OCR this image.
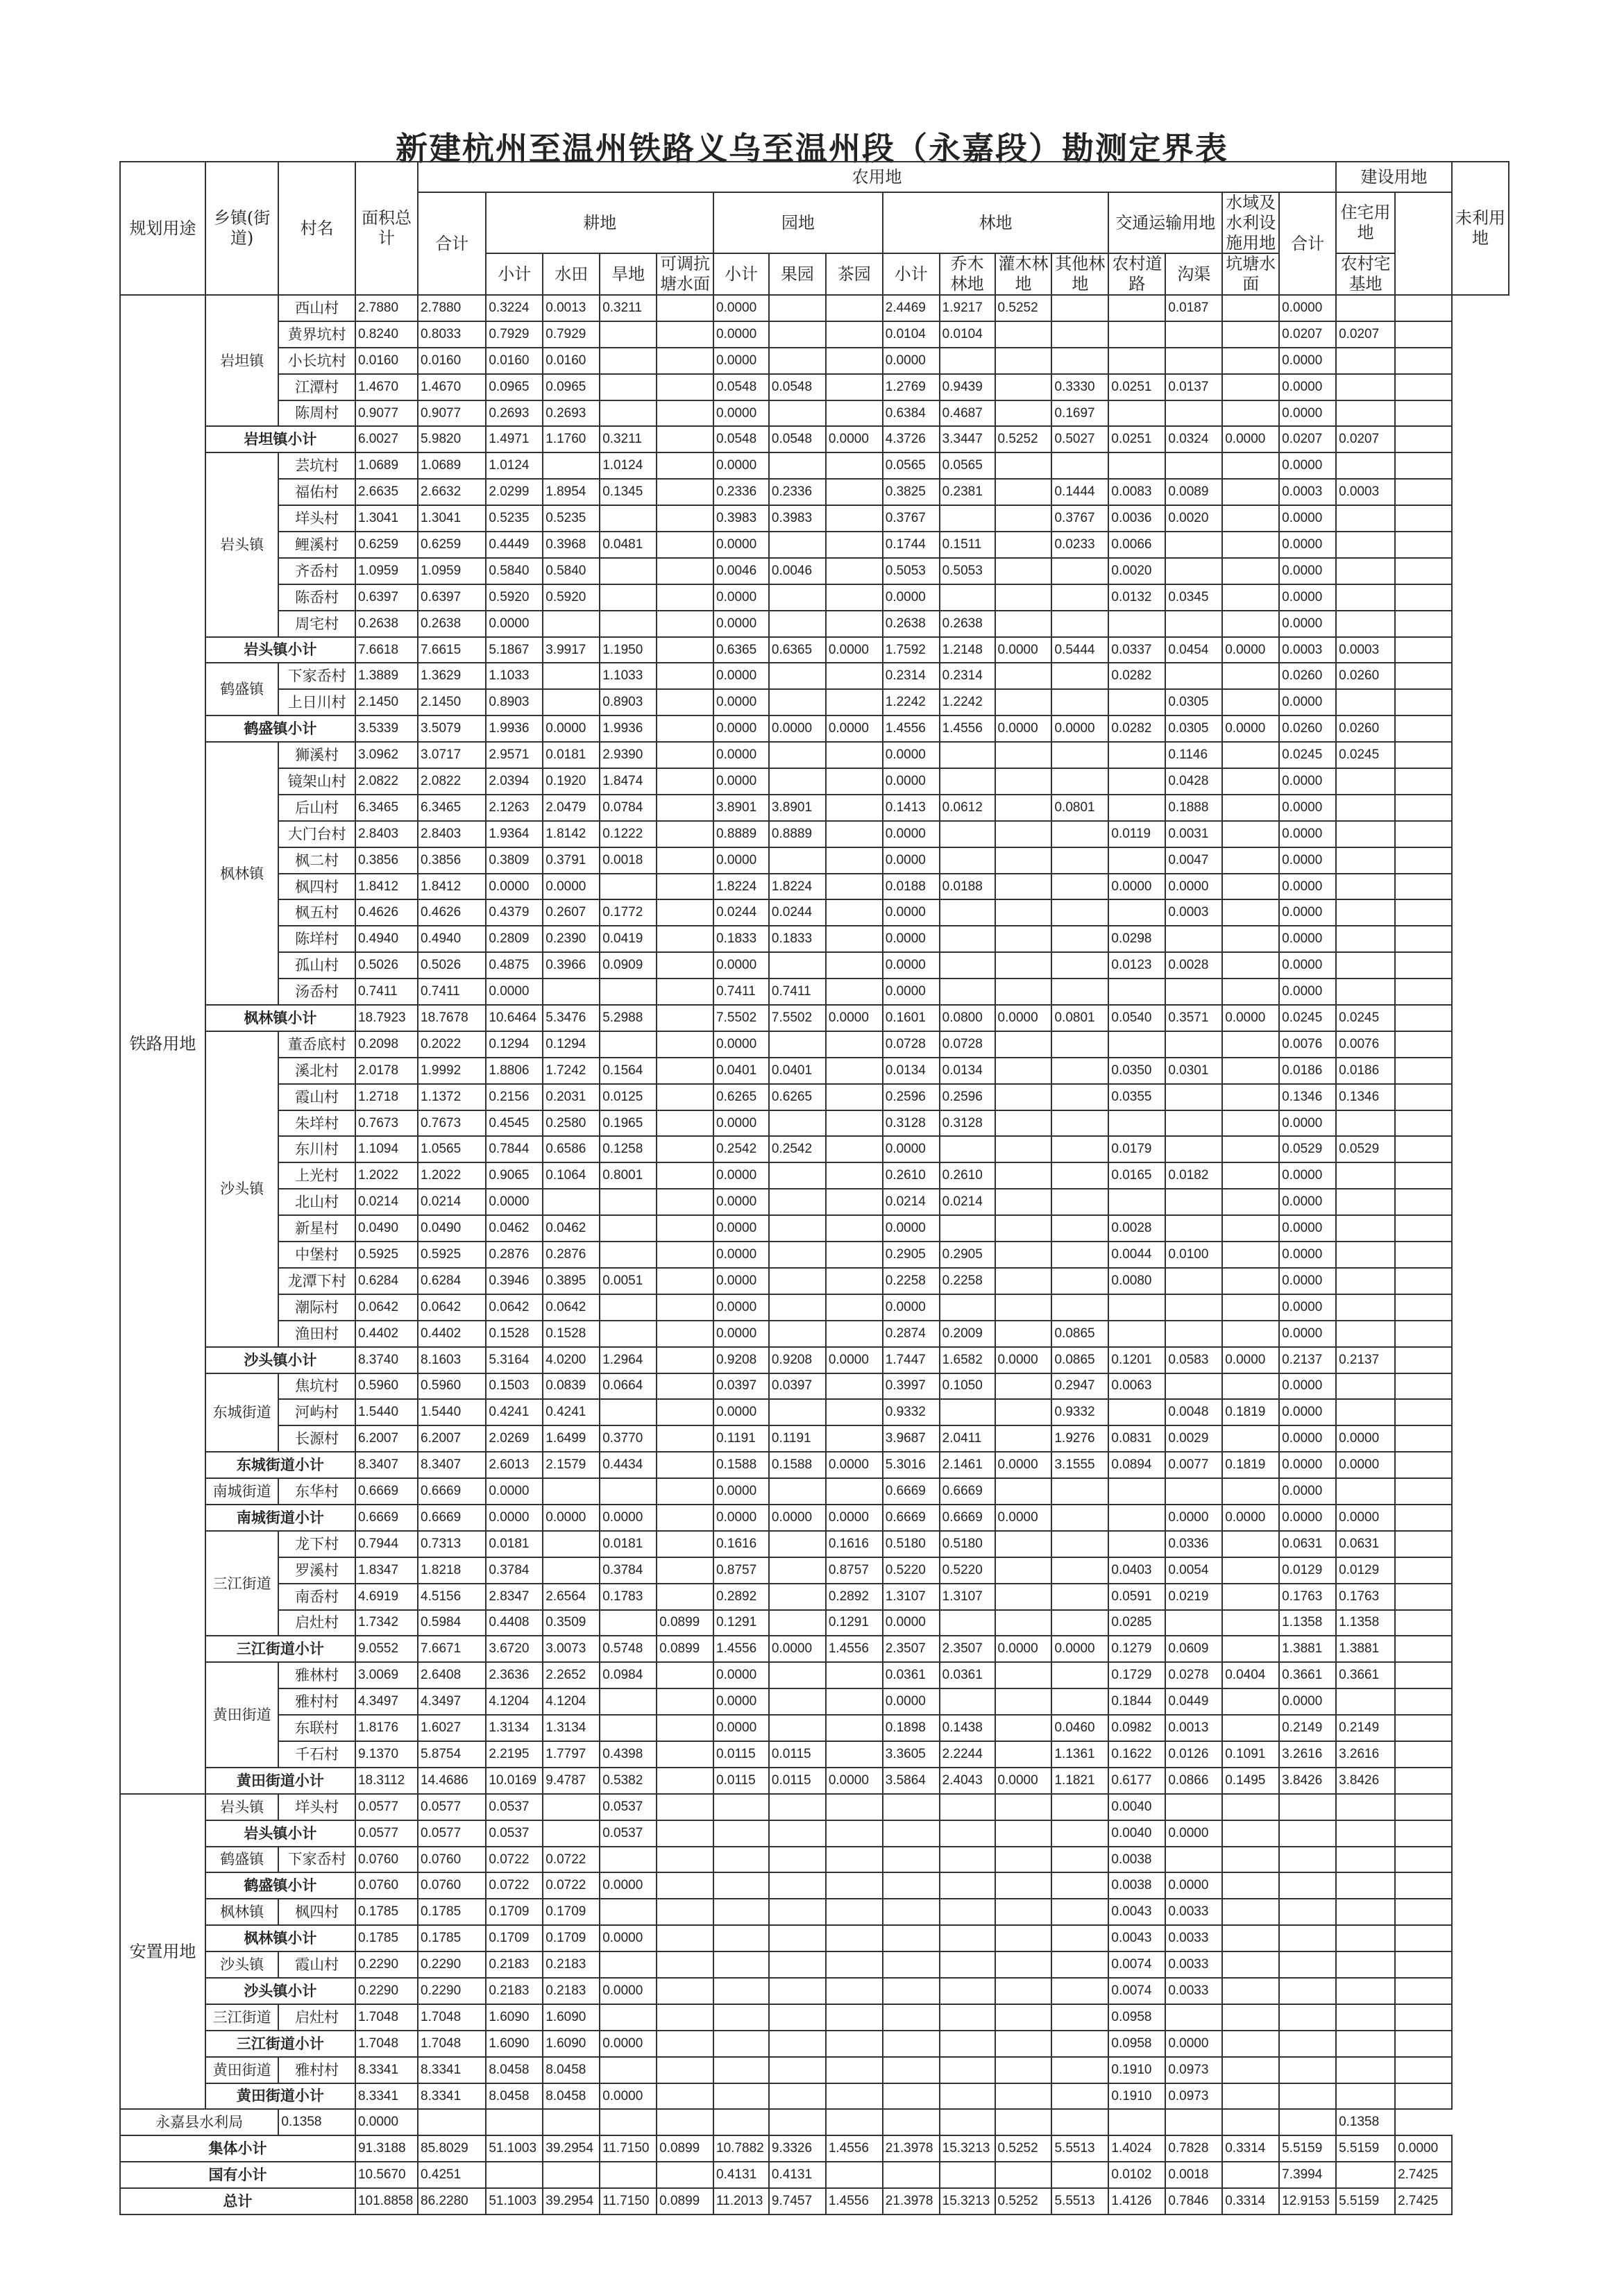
新建杭州至温州铁路义乌至温州段（永嘉段）勘测定界表
规划用途	乡镇(街道)	村名	面积总计	农用地																建设用地		未利用地
				合计	耕地				园地			林地				交通运输用地		水域及水利设施用地	合计	住宅用地		

					小计	水田	旱地	可调抗塘水面	小计	果园	茶园	小计	乔木林地	灌木林地	其他林地	农村道路	沟渠	坑塘水面		农村宅基地		
铁路用地	岩坦镇	西山村	2.7880	2.7880	0.3224	0.0013	0.3211		0.0000			2.4469	1.9217	0.5252			0.0187		0.0000			
		黄界坑村	0.8240	0.8033	0.7929	0.7929			0.0000			0.0104	0.0104						0.0207	0.0207		
		小长坑村	0.0160	0.0160	0.0160	0.0160			0.0000			0.0000							0.0000			
		江潭村	1.4670	1.4670	0.0965	0.0965			0.0548	0.0548		1.2769	0.9439		0.3330	0.0251	0.0137		0.0000			
		陈周村	0.9077	0.9077	0.2693	0.2693			0.0000			0.6384	0.4687		0.1697				0.0000			
	岩坦镇小计		6.0027	5.9820	1.4971	1.1760	0.3211		0.0548	0.0548	0.0000	4.3726	3.3447	0.5252	0.5027	0.0251	0.0324	0.0000	0.0207	0.0207		
	岩头镇	芸坑村	1.0689	1.0689	1.0124		1.0124		0.0000			0.0565	0.0565						0.0000			
		福佑村	2.6635	2.6632	2.0299	1.8954	0.1345		0.2336	0.2336		0.3825	0.2381		0.1444	0.0083	0.0089		0.0003	0.0003		
		垟头村	1.3041	1.3041	0.5235	0.5235			0.3983	0.3983		0.3767			0.3767	0.0036	0.0020		0.0000			
		鲤溪村	0.6259	0.6259	0.4449	0.3968	0.0481		0.0000			0.1744	0.1511		0.0233	0.0066			0.0000			
		齐岙村	1.0959	1.0959	0.5840	0.5840			0.0046	0.0046		0.5053	0.5053			0.0020			0.0000			
		陈岙村	0.6397	0.6397	0.5920	0.5920			0.0000			0.0000				0.0132	0.0345		0.0000			
		周宅村	0.2638	0.2638	0.0000				0.0000			0.2638	0.2638						0.0000			
	岩头镇小计		7.6618	7.6615	5.1867	3.9917	1.1950		0.6365	0.6365	0.0000	1.7592	1.2148	0.0000	0.5444	0.0337	0.0454	0.0000	0.0003	0.0003		
	鹤盛镇	下家岙村	1.3889	1.3629	1.1033		1.1033		0.0000			0.2314	0.2314			0.0282			0.0260	0.0260		
		上日川村	2.1450	2.1450	0.8903		0.8903		0.0000			1.2242	1.2242				0.0305		0.0000			
	鹤盛镇小计		3.5339	3.5079	1.9936	0.0000	1.9936		0.0000	0.0000	0.0000	1.4556	1.4556	0.0000	0.0000	0.0282	0.0305	0.0000	0.0260	0.0260		
	枫林镇	狮溪村	3.0962	3.0717	2.9571	0.0181	2.9390		0.0000			0.0000					0.1146		0.0245	0.0245		
		镜架山村	2.0822	2.0822	2.0394	0.1920	1.8474		0.0000			0.0000					0.0428		0.0000			
		后山村	6.3465	6.3465	2.1263	2.0479	0.0784		3.8901	3.8901		0.1413	0.0612		0.0801		0.1888		0.0000			
		大门台村	2.8403	2.8403	1.9364	1.8142	0.1222		0.8889	0.8889		0.0000				0.0119	0.0031		0.0000			
		枫二村	0.3856	0.3856	0.3809	0.3791	0.0018		0.0000			0.0000					0.0047		0.0000			
		枫四村	1.8412	1.8412	0.0000	0.0000			1.8224	1.8224		0.0188	0.0188			0.0000	0.0000		0.0000			
		枫五村	0.4626	0.4626	0.4379	0.2607	0.1772		0.0244	0.0244		0.0000					0.0003		0.0000			
		陈垟村	0.4940	0.4940	0.2809	0.2390	0.0419		0.1833	0.1833		0.0000				0.0298			0.0000			
		孤山村	0.5026	0.5026	0.4875	0.3966	0.0909		0.0000			0.0000				0.0123	0.0028		0.0000			
		汤岙村	0.7411	0.7411	0.0000				0.7411	0.7411		0.0000							0.0000			
	枫林镇小计		18.7923	18.7678	10.6464	5.3476	5.2988		7.5502	7.5502	0.0000	0.1601	0.0800	0.0000	0.0801	0.0540	0.3571	0.0000	0.0245	0.0245		
	沙头镇	董岙底村	0.2098	0.2022	0.1294	0.1294			0.0000			0.0728	0.0728						0.0076	0.0076		
		溪北村	2.0178	1.9992	1.8806	1.7242	0.1564		0.0401	0.0401		0.0134	0.0134			0.0350	0.0301		0.0186	0.0186		
		霞山村	1.2718	1.1372	0.2156	0.2031	0.0125		0.6265	0.6265		0.2596	0.2596			0.0355			0.1346	0.1346		
		朱垟村	0.7673	0.7673	0.4545	0.2580	0.1965		0.0000			0.3128	0.3128						0.0000			
		东川村	1.1094	1.0565	0.7844	0.6586	0.1258		0.2542	0.2542		0.0000				0.0179			0.0529	0.0529		
		上光村	1.2022	1.2022	0.9065	0.1064	0.8001		0.0000			0.2610	0.2610			0.0165	0.0182		0.0000			
		北山村	0.0214	0.0214	0.0000				0.0000			0.0214	0.0214						0.0000			
		新星村	0.0490	0.0490	0.0462	0.0462			0.0000			0.0000				0.0028			0.0000			
		中堡村	0.5925	0.5925	0.2876	0.2876			0.0000			0.2905	0.2905			0.0044	0.0100		0.0000			
		龙潭下村	0.6284	0.6284	0.3946	0.3895	0.0051		0.0000			0.2258	0.2258			0.0080			0.0000			
		潮际村	0.0642	0.0642	0.0642	0.0642			0.0000			0.0000							0.0000			
		渔田村	0.4402	0.4402	0.1528	0.1528			0.0000			0.2874	0.2009		0.0865				0.0000			
	沙头镇小计		8.3740	8.1603	5.3164	4.0200	1.2964		0.9208	0.9208	0.0000	1.7447	1.6582	0.0000	0.0865	0.1201	0.0583	0.0000	0.2137	0.2137		
	东城街道	焦坑村	0.5960	0.5960	0.1503	0.0839	0.0664		0.0397	0.0397		0.3997	0.1050		0.2947	0.0063			0.0000			
		河屿村	1.5440	1.5440	0.4241	0.4241			0.0000			0.9332			0.9332		0.0048	0.1819	0.0000			
		长源村	6.2007	6.2007	2.0269	1.6499	0.3770		0.1191	0.1191		3.9687	2.0411		1.9276	0.0831	0.0029		0.0000	0.0000		
	东城街道小计		8.3407	8.3407	2.6013	2.1579	0.4434		0.1588	0.1588	0.0000	5.3016	2.1461	0.0000	3.1555	0.0894	0.0077	0.1819	0.0000	0.0000		
	南城街道	东华村	0.6669	0.6669	0.0000				0.0000			0.6669	0.6669						0.0000			
	南城街道小计		0.6669	0.6669	0.0000	0.0000	0.0000		0.0000	0.0000	0.0000	0.6669	0.6669	0.0000			0.0000	0.0000	0.0000	0.0000		
	三江街道	龙下村	0.7944	0.7313	0.0181		0.0181		0.1616		0.1616	0.5180	0.5180				0.0336		0.0631	0.0631		
		罗溪村	1.8347	1.8218	0.3784		0.3784		0.8757		0.8757	0.5220	0.5220			0.0403	0.0054		0.0129	0.0129		
		南岙村	4.6919	4.5156	2.8347	2.6564	0.1783		0.2892		0.2892	1.3107	1.3107			0.0591	0.0219		0.1763	0.1763		
		启灶村	1.7342	0.5984	0.4408	0.3509		0.0899	0.1291		0.1291	0.0000				0.0285			1.1358	1.1358		
	三江街道小计		9.0552	7.6671	3.6720	3.0073	0.5748	0.0899	1.4556	0.0000	1.4556	2.3507	2.3507	0.0000	0.0000	0.1279	0.0609		1.3881	1.3881		
	黄田街道	雅林村	3.0069	2.6408	2.3636	2.2652	0.0984		0.0000			0.0361	0.0361			0.1729	0.0278	0.0404	0.3661	0.3661		
		雅村村	4.3497	4.3497	4.1204	4.1204			0.0000			0.0000				0.1844	0.0449		0.0000			
		东联村	1.8176	1.6027	1.3134	1.3134			0.0000			0.1898	0.1438		0.0460	0.0982	0.0013		0.2149	0.2149		
		千石村	9.1370	5.8754	2.2195	1.7797	0.4398		0.0115	0.0115		3.3605	2.2244		1.1361	0.1622	0.0126	0.1091	3.2616	3.2616		
	黄田街道小计		18.3112	14.4686	10.0169	9.4787	0.5382		0.0115	0.0115	0.0000	3.5864	2.4043	0.0000	1.1821	0.6177	0.0866	0.1495	3.8426	3.8426		
安置用地	岩头镇	垟头村	0.0577	0.0577	0.0537		0.0537									0.0040						
	岩头镇小计		0.0577	0.0577	0.0537		0.0537									0.0040	0.0000					
	鹤盛镇	下家岙村	0.0760	0.0760	0.0722	0.0722										0.0038						
	鹤盛镇小计		0.0760	0.0760	0.0722	0.0722	0.0000									0.0038	0.0000					
	枫林镇	枫四村	0.1785	0.1785	0.1709	0.1709										0.0043	0.0033					
	枫林镇小计		0.1785	0.1785	0.1709	0.1709	0.0000									0.0043	0.0033					
	沙头镇	霞山村	0.2290	0.2290	0.2183	0.2183										0.0074	0.0033					
	沙头镇小计		0.2290	0.2290	0.2183	0.2183	0.0000									0.0074	0.0033					
	三江街道	启灶村	1.7048	1.7048	1.6090	1.6090										0.0958						
	三江街道小计		1.7048	1.7048	1.6090	1.6090	0.0000									0.0958	0.0000					
	黄田街道	雅村村	8.3341	8.3341	8.0458	8.0458										0.1910	0.0973					
	黄田街道小计		8.3341	8.3341	8.0458	8.0458	0.0000									0.1910	0.0973					
永嘉县水利局		0.1358	0.0000																	0.1358		
集体小计			91.3188	85.8029	51.1003	39.2954	11.7150	0.0899	10.7882	9.3326	1.4556	21.3978	15.3213	0.5252	5.5513	1.4024	0.7828	0.3314	5.5159	5.5159	0.0000	
国有小计			10.5670	0.4251					0.4131	0.4131						0.0102	0.0018		7.3994		2.7425	
总计			101.8858	86.2280	51.1003	39.2954	11.7150	0.0899	11.2013	9.7457	1.4556	21.3978	15.3213	0.5252	5.5513	1.4126	0.7846	0.3314	12.9153	5.5159	2.7425	
